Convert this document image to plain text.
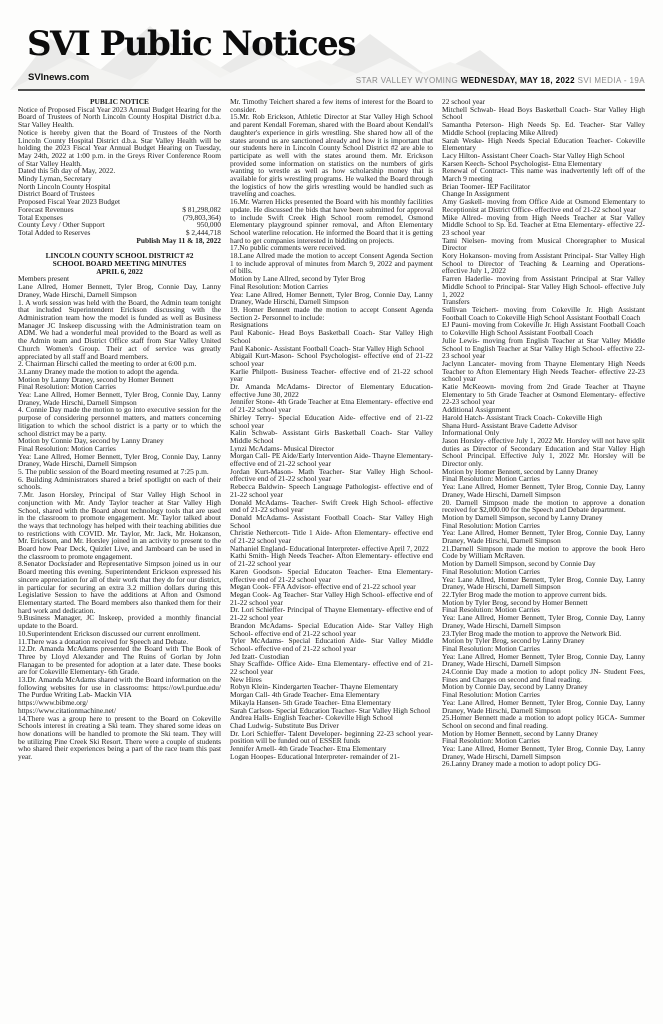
SVI Public Notices
SVInews.com	STAR VALLEY WYOMING WEDNESDAY, MAY 18, 2022 SVI MEDIA - 19A

PUBLIC NOTICE

Notice of Proposed Fiscal Year 2023 Annual Budget Hearing for the Board of Trustees of North Lincoln County Hospital District d.b.a. Star Valley Health.

Notice is hereby given that the Board of Trustees of the North Lincoln County Hospital District d.b.a. Star Valley Health will be holding the 2023 Fiscal Year Annual Budget Hearing on Tuesday, May 24th, 2022 at 1:00 p.m. in the Greys River Conference Room of Star Valley Health.

Dated this 5th day of May, 2022.

Mindy Lyman, Secretary

North Lincoln County Hospital

District Board of Trustees

Proposed Fiscal Year 2023 Budget

Forecast Revenues	$ 81,298,082
Total Expenses	(79,803,364)
County Levy / Other Support	950,000
Total Added to Reserves	$ 2,444,718

Publish May 11 & 18, 2022

LINCOLN COUNTY SCHOOL DISTRICT #2

SCHOOL BOARD MEETING MINUTES

APRIL 6, 2022

Members present

Lane Allred, Homer Bennett, Tyler Brog, Connie Day, Lanny Draney, Wade Hirschi, Darnell Simpson

1. A work session was held with the Board, the Admin team tonight that included Superintendent Erickson discussing with the Administration team how the model is funded as well as Business Manager JC Inskeep discussing with the Administration team on ADM. We had a wonderful meal provided to the Board as well as the Admin team and District Office staff from Star Valley United Church Women's Group. Their act of service was greatly appreciated by all staff and Board members.

2. Chairman Hirschi called the meeting to order at 6:00 p.m.

3.Lanny Draney made the motion to adopt the agenda.

Motion by Lanny Draney, second by Homer Bennett

Final Resolution: Motion Carries

Yea: Lane Allred, Homer Bennett, Tyler Brog, Connie Day, Lanny Draney, Wade Hirschi, Darnell Simpson

4. Connie Day made the motion to go into executive session for the purpose of considering personnel matters, and matters concerning litigation to which the school district is a party or to which the school district may be a party.

Motion by Connie Day, second by Lanny Draney

Final Resolution: Motion Carries

Yea: Lane Allred, Homer Bennett, Tyler Brog, Connie Day, Lanny Draney, Wade Hirschi, Darnell Simpson

5. The public session of the Board meeting resumed at 7:25 p.m.

6. Building Administrators shared a brief spotlight on each of their schools.

7.Mr. Jason Horsley, Principal of Star Valley High School in conjunction with Mr. Andy Taylor teacher at Star Valley High School, shared with the Board about technology tools that are used in the classroom to promote engagement. Mr. Taylor talked about the ways that technology has helped with their teaching abilities due to restrictions with COVID. Mr. Taylor, Mr. Jack, Mr. Hokanson, Mr. Erickson, and Mr. Horsley joined in an activity to present to the Board how Pear Deck, Quizlet Live, and Jamboard can be used in the classroom to promote engagement.

8.Senator Dockstader and Representative Simpson joined us in our Board meeting this evening. Superintendent Erickson expressed his sincere appreciation for all of their work that they do for our district, in particular for securing an extra 3.2 million dollars during this Legislative Session to have the additions at Afton and Osmond Elementary started. The Board members also thanked them for their hard work and dedication.

9.Business Manager, JC Inskeep, provided a monthly financial update to the Board.

10.Superintendent Erickson discussed our current enrollment.

11.There was a donation received for Speech and Debate.

12.Dr. Amanda McAdams presented the Board with The Book of Three by Lloyd Alexander and The Ruins of Gorlan by John Flanagan to be presented for adoption at a later date. These books are for Cokeville Elementary- 6th Grade.

13.Dr. Amanda McAdams shared with the Board information on the following websites for use in classrooms: https://owl.purdue.edu/ The Purdue Writing Lab- Mackin VIA

https://www.bibme.org/

https://www.citationmachine.net/

14.There was a group here to present to the Board on Cokeville Schools interest in creating a Ski team. They shared some ideas on how donations will be handled to promote the Ski team. They will be utilizing Pine Creek Ski Resort. There were a couple of students who shared their experiences being a part of the race team this past year.

Mr. Timothy Teichert shared a few items of interest for the Board to consider.

15.Mr. Rob Erickson, Athletic Director at Star Valley High School and parent Kendall Foreman, shared with the Board about Kendall's daughter's experience in girls wrestling. She shared how all of the states around us are sanctioned already and how it is important that our students here in Lincoln County School District #2 are able to participate as well with the states around them. Mr. Erickson provided some information on statistics on the numbers of girls wanting to wrestle as well as how scholarship money that is available for girls wrestling programs. He walked the Board through the logistics of how the girls wrestling would be handled such as traveling and coaches.

16.Mr. Warren Hicks presented the Board with his monthly facilities update. He discussed the bids that have been submitted for approval to include Swift Creek High School room remodel, Osmond Elementary playground spinner removal, and Afton Elementary School waterline relocation. He informed the Board that it is getting hard to get companies interested in bidding on projects.

17.No public comments were received.

18.Lane Allred made the motion to accept Consent Agenda Section 1 to include approval of minutes from March 9, 2022 and payment of bills.

Motion by Lane Allred, second by Tyler Brog

Final Resolution: Motion Carries

Yea: Lane Allred, Homer Bennett, Tyler Brog, Connie Day, Lanny Draney, Wade Hirschi, Darnell Simpson

19. Homer Bennett made the motion to accept Consent Agenda Section 2- Personnel to include:

Resignations

Paul Kabonic- Head Boys Basketball Coach- Star Valley High School

Paul Kabonic- Assistant Football Coach- Star Valley High School

Abigail Kurt-Mason- School Psychologist- effective end of 21-22 school year

Karlie Philpott- Business Teacher- effective end of 21-22 school year

Dr. Amanda McAdams- Director of Elementary Education- effective June 30, 2022

Jennifer Stone- 4th Grade Teacher at Etna Elementary- effective end of 21-22 school year

Shirley Terry- Special Education Aide- effective end of 21-22 school year

Kalin Schwab- Assistant Girls Basketball Coach- Star Valley Middle School

Lynzi McAdams- Musical Director

Morgan Call- PE Aide/Early Intervention Aide- Thayne Elementary- effective end of 21-22 school year

Jordan Kurt-Mason- Math Teacher- Star Valley High School- effective end of 21-22 school year

Rebecca Baldwin- Speech Language Pathologist- effective end of 21-22 school year

Donald McAdams- Teacher- Swift Creek High School- effective end of 21-22 school year

Donald McAdams- Assistant Football Coach- Star Valley High School

Christie Nethercott- Title 1 Aide- Afton Elementary- effective end of 21-22 school year

Nathaniel England- Educational Interpreter- effective April 7, 2022

Kathi Smith- High Needs Teacher- Afton Elementary- effective end of 21-22 school year

Karen Goodson- Special Educaton Teacher- Etna Elementary- effective end of 21-22 school year

Megan Cook- FFA Advisor- effective end of 21-22 school year

Megan Cook- Ag Teacher- Star Valley High School- effective end of 21-22 school year

Dr. Lori Schieffer- Principal of Thayne Elementary- effective end of 21-22 school year

Brandon McAdams- Special Education Aide- Star Valley High School- effective end of 21-22 school year

Tyler McAdams- Special Education Aide- Star Valley Middle School- effective end of 21-22 school year

Jed Izatt- Custodian

Shay Scaffide- Office Aide- Etna Elementary- effective end of 21-22 school year

New Hires

Robyn Klein- Kindergarten Teacher- Thayne Elementary

Morgan Call- 4th Grade Teacher- Etna Elementary

Mikayla Hansen- 5th Grade Teacher- Etna Elementary

Sarah Carlson- Special Education Teacher- Star Valley High School

Andrea Halls- English Teacher- Cokeville High School

Chad Ludwig- Substitute Bus Driver

Dr. Lori Schieffer- Talent Developer- beginning 22-23 school year- position will be funded out of ESSER funds

Jennifer Arnell- 4th Grade Teacher- Etna Elementary

Logan Hoopes- Educational Interpreter- remainder of 21-

22 school year

Mitchell Schwab- Head Boys Basketball Coach- Star Valley High School

Samantha Peterson- High Needs Sp. Ed. Teacher- Star Valley Middle School (replacing Mike Allred)

Sarah Weske- High Needs Special Education Teacher- Cokeville Elementary

Lacy Hilton- Assistant Cheer Coach- Star Valley High School

Karsen Keech- School Psychologist- Etna Elementary

Renewal of Contract- This name was inadvertently left off of the March 9 meeting

Brian Toomer- IEP Facilitator

Change In Assignment

Amy Gaskell- moving from Office Aide at Osmond Elementary to Receptionist at District Office- effective end of 21-22 school year

Mike Allred- moving from High Needs Teacher at Star Valley Middle School to Sp. Ed. Teacher at Etna Elementary- effective 22-23 school year

Tami Nielsen- moving from Musical Choregrapher to Musical Director

Kory Hokanson- moving from Assistant Principal- Star Valley High School to Director of Teaching & Learning and Operations- effective July 1, 2022

Farren Haderlie- moving from Assistant Principal at Star Valley Middle School to Principal- Star Valley High School- effective July 1, 2022

Transfers

Sullivan Teichert- moving from Cokeville Jr. High Assistant Football Coach to Cokeville High School Assistant Football Coach

EJ Pauni- moving from Cokeville Jr. High Assistant Football Coach to Cokeville High School Assistant Football Coach

Julie Lewis- moving from English Teacher at Star Valley Middle School to English Teacher at Star Valley High School- effective 22-23 school year

Jaclynn Lancater- moving from Thayne Elementary High Needs Teacher to Afton Elementary High Needs Teacher- effective 22-23 school year

Katie McKeown- moving from 2nd Grade Teacher at Thayne Elementary to 5th Grade Teacher at Osmond Elementary- effective 22-23 school year

Additional Assignment

Harold Hatch- Assistant Track Coach- Cokeville High

Shana Hurd- Assistant Brave Cadette Advisor

Informational Only

Jason Horsley- effective July 1, 2022 Mr. Horsley will not have split duties as Director of Secondary Education and Star Valley High School Principal. Effective July 1, 2022 Mr. Horsley will be Director only.

Motion by Homer Bennett, second by Lanny Draney

Final Resolution: Motion Carries

Yea: Lane Allred, Homer Bennett, Tyler Brog, Connie Day, Lanny Draney, Wade Hirschi, Darnell Simpson

20. Darnell Simpson made the motion to approve a donation received for $2,000.00 for the Speech and Debate department.

Motion by Darnell Simpson, second by Lanny Draney

Final Resolution: Motion Carries

Yea: Lane Allred, Homer Bennett, Tyler Brog, Connie Day, Lanny Draney, Wade Hirschi, Darnell Simpson

21.Darnell Simpson made the motion to approve the book Hero Code by William McRaven.

Motion by Darnell Simpson, second by Connie Day

Final Resolution: Motion Carries

Yea: Lane Allred, Homer Bennett, Tyler Brog, Connie Day, Lanny Draney, Wade Hirschi, Darnell Simpson

22.Tyler Brog made the motion to approve current bids.

Motion by Tyler Brog, second by Homer Bennett

Final Resolution: Motion Carries

Yea: Lane Allred, Homer Bennett, Tyler Brog, Connie Day, Lanny Draney, Wade Hirschi, Darnell Simpson

23.Tyler Brog made the motion to approve the Network Bid.

Motion by Tyler Brog, second by Lanny Draney

Final Resolution: Motion Carries

Yea: Lane Allred, Homer Bennett, Tyler Brog, Connie Day, Lanny Draney, Wade Hirschi, Darnell Simpson

24.Connie Day made a motion to adopt policy JN- Student Fees, Fines and Charges on second and final reading.

Motion by Connie Day, second by Lanny Draney

Final Resolution: Motion Carries

Yea: Lane Allred, Homer Bennett, Tyler Brog, Connie Day, Lanny Draney, Wade Hirschi, Darnell Simpson

25.Homer Bennett made a motion to adopt policy IGCA- Summer School on second and final reading.

Motion by Homer Bennett, second by Lanny Draney

Final Resolution: Motion Carries

Yea: Lane Allred, Homer Bennett, Tyler Brog, Connie Day, Lanny Draney, Wade Hirschi, Darnell Simpson

26.Lanny Draney made a motion to adopt policy DG-
